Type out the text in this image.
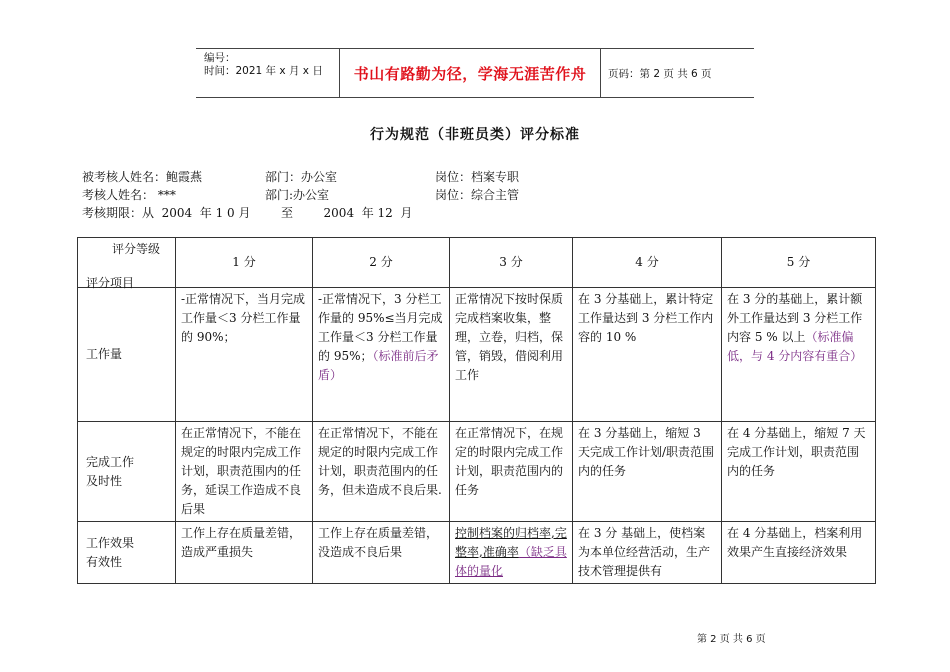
编号：
时间：2021 年 x 月 x 日	书山有路勤为径，学海无涯苦作舟	页码：第 2 页 共 6 页
行为规范（非班员类）评分标准
被考核人姓名：鲍霞燕	部门：办公室	岗位：档案专职
考核人姓名： ***	部门:办公室	岗位：综合主管
考核期限：从  2004  年 1 0 月        至        2004  年 12  月
评分等级
评分项目	1 分	2 分	3 分	4 分	5 分
工作量	-正常情况下，当月完成工作量＜3 分栏工作量的 90%；	-正常情况下，3 分栏工作量的 95%≤当月完成工作量＜3 分栏工作量的 95%；（标准前后矛盾）	正常情况下按时保质完成档案收集，整理，立卷，归档，保管，销毁，借阅利用工作	在 3 分基础上，累计特定工作量达到 3 分栏工作内容的 10 %	在 3 分的基础上，累计额外工作量达到 3 分栏工作内容 5 % 以上（标准偏低，与 4 分内容有重合）

完成工作
及时性	在正常情况下，不能在规定的时限内完成工作计划，职责范围内的任务，延误工作造成不良后果	在正常情况下，不能在规定的时限内完成工作计划，职责范围内的任务，但未造成不良后果.	在正常情况下，在规定的时限内完成工作计划，职责范围内的任务	在 3 分基础上，缩短 3 天完成工作计划/职责范围内的任务	在 4 分基础上，缩短 7 天完成工作计划，职责范围内的任务

工作效果
有效性	工作上存在质量差错，造成严重损失	工作上存在质量差错，没造成不良后果	控制档案的归档率,完整率,准确率（缺乏具体的量化	在 3 分 基础上，使档案为本单位经营活动，生产技术管理提供有	在 4 分基础上，档案利用效果产生直接经济效果
第 2 页 共 6 页
